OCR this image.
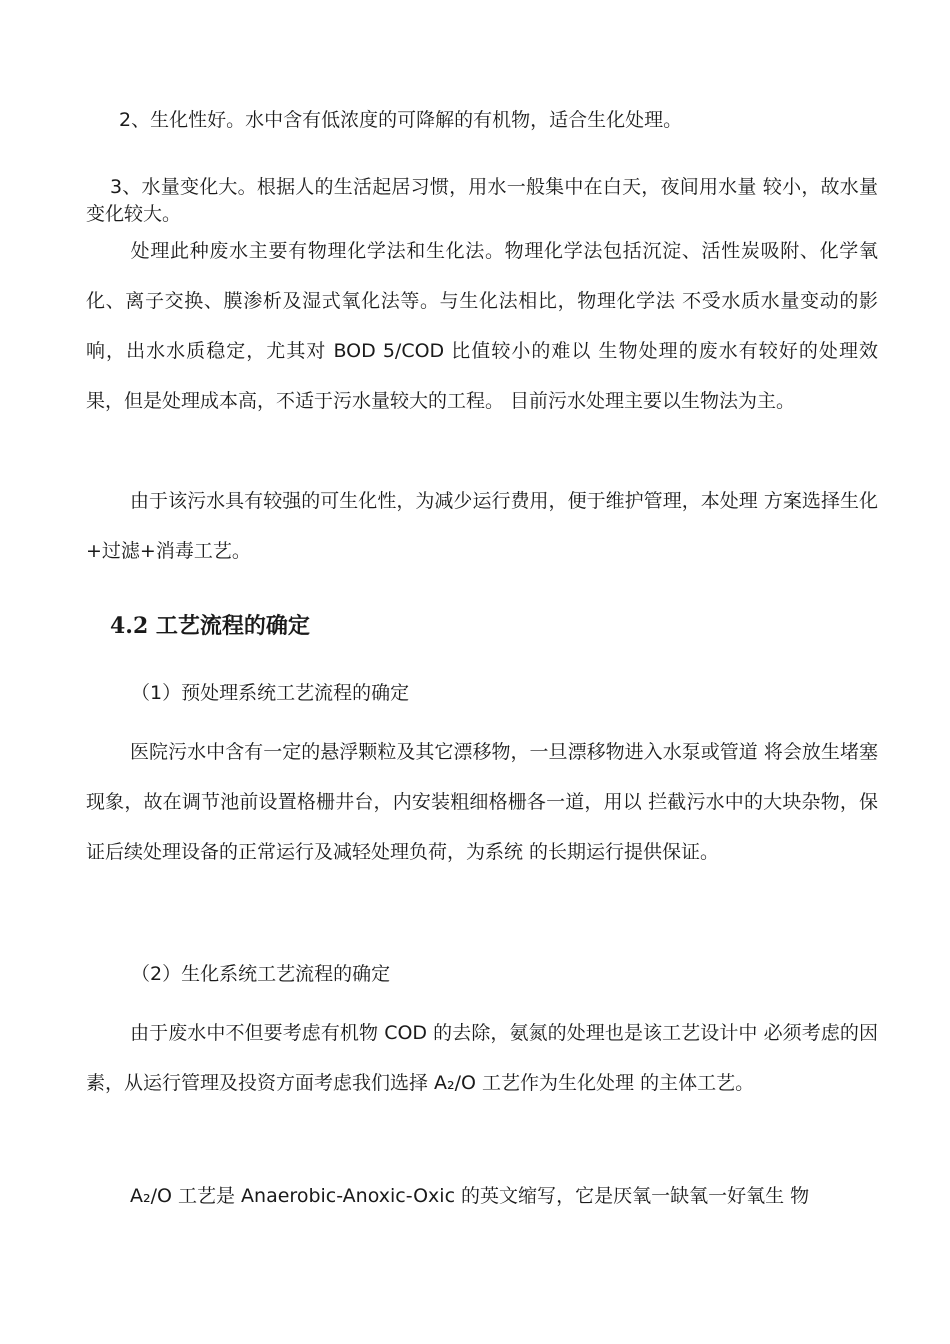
2、生化性好。水中含有低浓度的可降解的有机物，适合生化处理。

3、水量变化大。根据人的生活起居习惯，用水一般集中在白天，夜间用水量 较小，故水量变化较大。

处理此种废水主要有物理化学法和生化法。物理化学法包括沉淀、活性炭吸附、化学氧化、离子交换、膜渗析及湿式氧化法等。与生化法相比，物理化学法 不受水质水量变动的影响，出水水质稳定，尤其对 BOD 5/COD 比值较小的难以 生物处理的废水有较好的处理效果，但是处理成本高，不适于污水量较大的工程。 目前污水处理主要以生物法为主。

由于该污水具有较强的可生化性，为减少运行费用，便于维护管理，本处理 方案选择生化+过滤+消毒工艺。

4.2 工艺流程的确定

（1）预处理系统工艺流程的确定

医院污水中含有一定的悬浮颗粒及其它漂移物，一旦漂移物进入水泵或管道 将会放生堵塞现象，故在调节池前设置格栅井台，内安装粗细格栅各一道，用以 拦截污水中的大块杂物，保证后续处理设备的正常运行及减轻处理负荷，为系统 的长期运行提供保证。

（2）生化系统工艺流程的确定

由于废水中不但要考虑有机物 COD 的去除，氨氮的处理也是该工艺设计中 必须考虑的因素，从运行管理及投资方面考虑我们选择 A₂/O 工艺作为生化处理 的主体工艺。

A₂/O 工艺是 Anaerobic-Anoxic-Oxic 的英文缩写，它是厌氧一缺氧一好氧生 物
